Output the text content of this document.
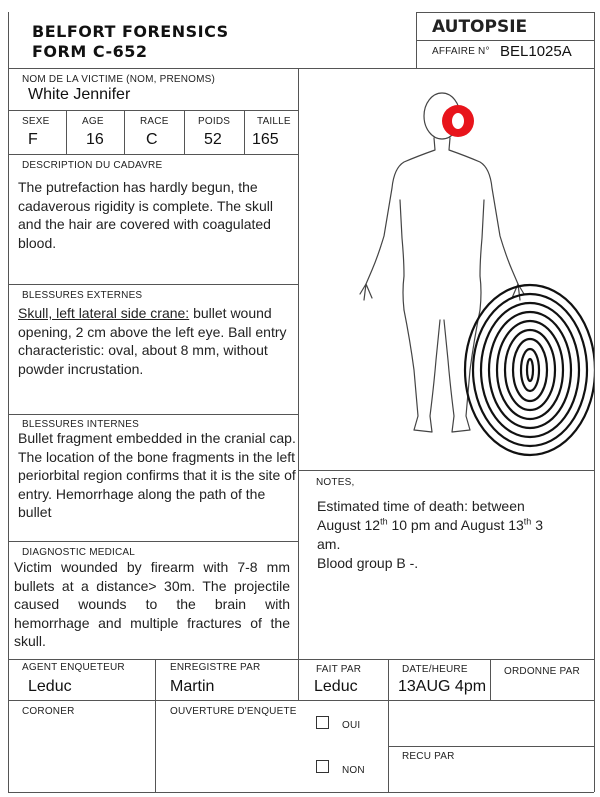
BELFORT FORENSICS
FORM C-652
AUTOPSIE
AFFAIRE N° BEL1025A
NOM DE LA VICTIME (NOM, PRENOMS)
White Jennifer
SEXE
F
AGE
16
RACE
C
POIDS
52
TAILLE
165
DESCRIPTION DU CADAVRE
The putrefaction has hardly begun, the cadaverous rigidity is complete. The skull and the hair are covered with coagulated blood.
BLESSURES EXTERNES
Skull, left lateral side crane: bullet wound opening, 2 cm above the left eye. Ball entry characteristic: oval, about 8 mm, without powder incrustation.
BLESSURES INTERNES
Bullet fragment embedded in the cranial cap. The location of the bone fragments in the left periorbital region confirms that it is the site of entry. Hemorrhage along the path of the bullet
DIAGNOSTIC MEDICAL
Victim wounded by firearm with 7-8 mm bullets at a distance> 30m. The projectile caused wounds to the brain with hemorrhage and multiple fractures of the skull.
NOTES,
Estimated time of death: between
August 12th 10 pm and August 13th 3
am.
Blood group B -.
AGENT ENQUETEUR
Leduc
ENREGISTRE PAR
Martin
FAIT PAR
Leduc
DATE/HEURE
13AUG 4pm
ORDONNE PAR
CORONER	OUVERTURE D'ENQUETE
OUI
NON
RECU PAR
